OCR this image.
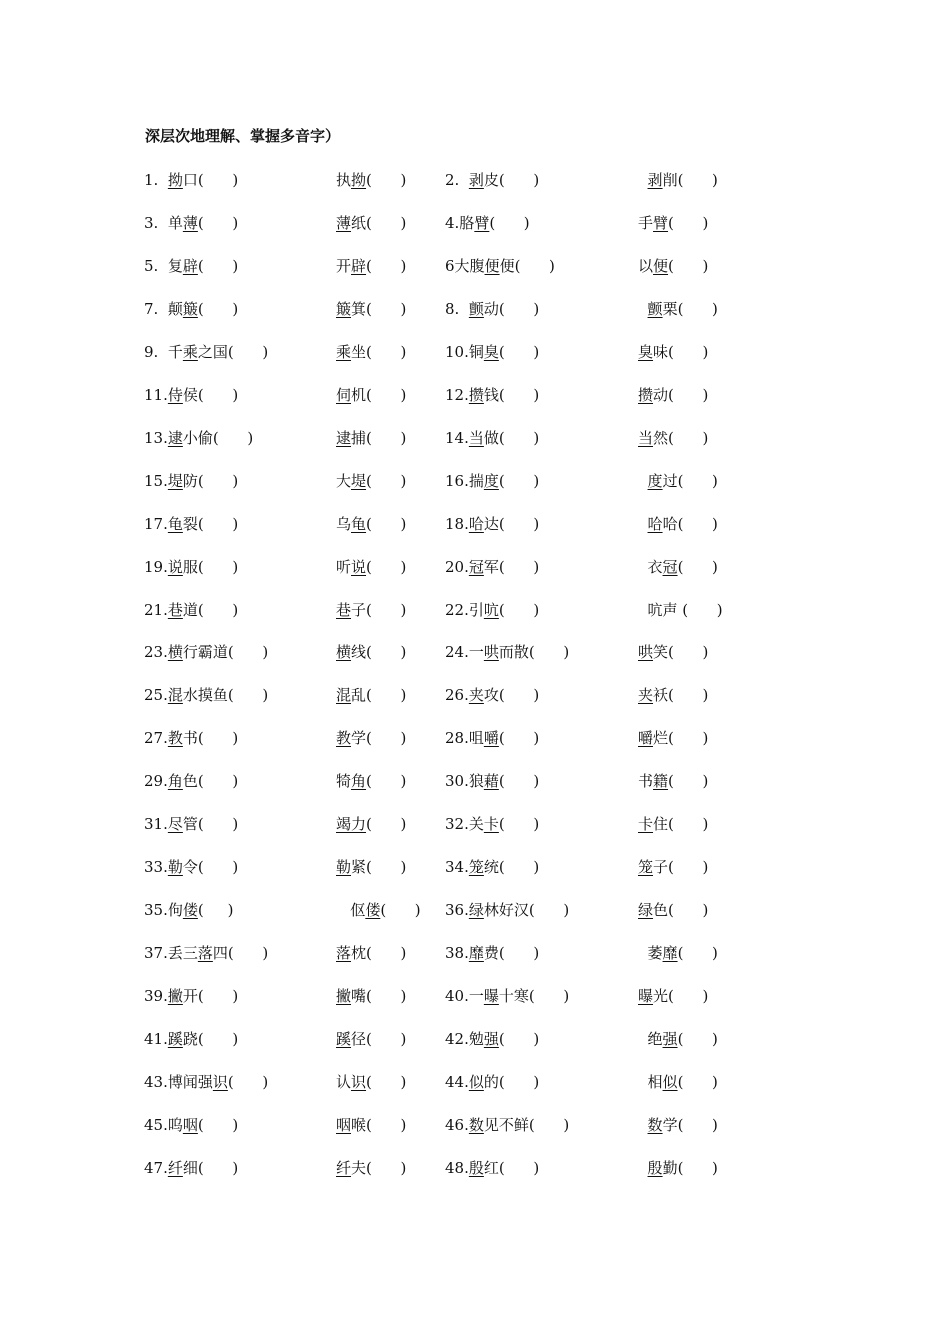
深层次地理解、掌握多音字）
1.  拗口(      )	执拗(      )	2.  剥皮(      )	剥削(      )
3.  单薄(      )	薄纸(      )	4.胳臂(      )	手臂(      )
5.  复辟(      )	开辟(      )	6大腹便便(      )	以便(      )
7.  颠簸(      )	簸箕(      )	8.  颤动(      )	颤栗(      )
9.  千乘之国(      )	乘坐(      )	10.铜臭(      )	臭味(      )
11.侍侯(      )	伺机(      )	12.攒钱(      )	攒动(      )
13.逮小偷(      )	逮捕(      )	14.当做(      )	当然(      )
15.堤防(      )	大堤(      )	16.揣度(      )	度过(      )
17.龟裂(      )	乌龟(      )	18.哈达(      )	哈哈(      )
19.说服(      )	听说(      )	20.冠军(      )	衣冠(      )
21.巷道(      )	巷子(      )	22.引吭(      )	吭声 (      )
23.横行霸道(      )	横线(      )	24.一哄而散(      )	哄笑(      )
25.混水摸鱼(      )	混乱(      )	26.夹攻(      )	夹袄(      )
27.教书(      )	教学(      )	28.咀嚼(      )	嚼烂(      )
29.角色(      )	犄角(      )	30.狼藉(      )	书籍(      )
31.尽管(      )	竭力(      )	32.关卡(      )	卡住(      )
33.勒令(      )	勒紧(      )	34.笼统(      )	笼子(      )
35.佝偻(     )	伛偻(      ) 36.绿林好汉(      )	绿色(      )
37.丢三落四(      )	落枕(      )	38.靡费(      )	萎靡(      )
39.撇开(      )	撇嘴(      )	40.一曝十寒(      )	曝光(      )
41.蹊跷(      )	蹊径(      )	42.勉强(      )	绝强(      )
43.博闻强识(      )	认识(      )	44.似的(      )	相似(      )
45.呜咽(      )	咽喉(      )	46.数见不鲜(      )	数学(      )
47.纤细(      )	纤夫(      )	48.殷红(      )	殷勤(      )
